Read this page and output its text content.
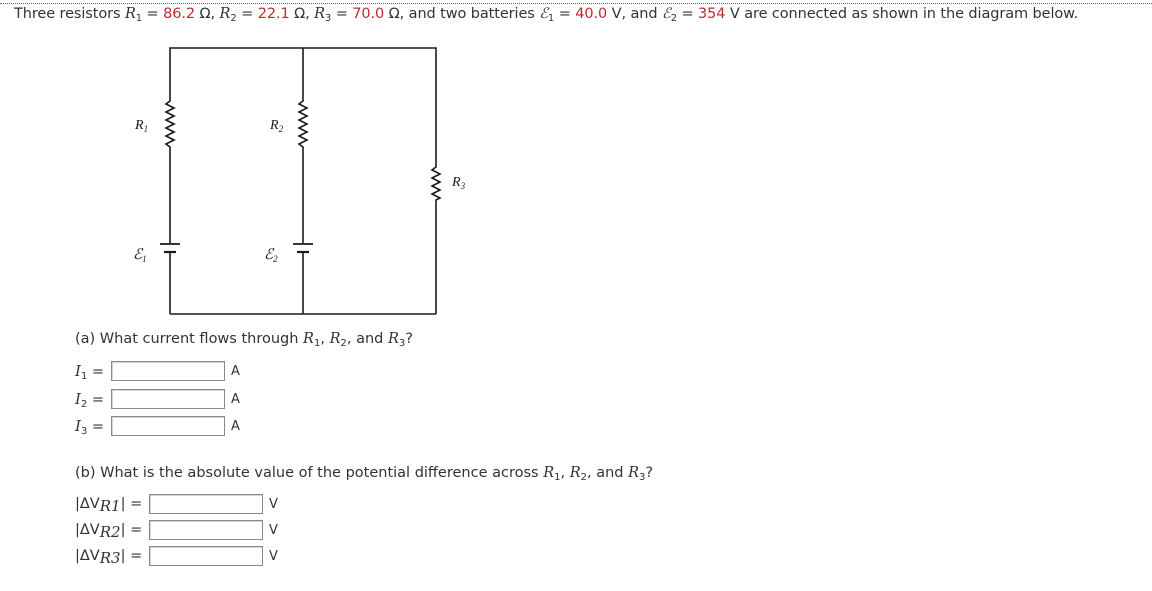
Three resistors $R_1 = 86.2$ Ω, $R_2 = 22.1$ Ω, $R_3 = 70.0$ Ω, and two batteries ℰ$_1$ = 40.0 V, and ℰ$_2$ = 354 V are connected as shown in the diagram below.
$R_1$	$R_2$
$R_3$
ℰ$_1$	ℰ$_2$
(a) What current flows through $R_1$, $R_2$, and $R_3$?
$I_1$ =	A
$I_2$ =	A
$I_3$ =	A
(b) What is the absolute value of the potential difference across $R_1$, $R_2$, and $R_3$?
$|\Delta V_{R1}|$ =	V
$|\Delta V_{R2}|$ =	V
$|\Delta V_{R3}|$ =	V
